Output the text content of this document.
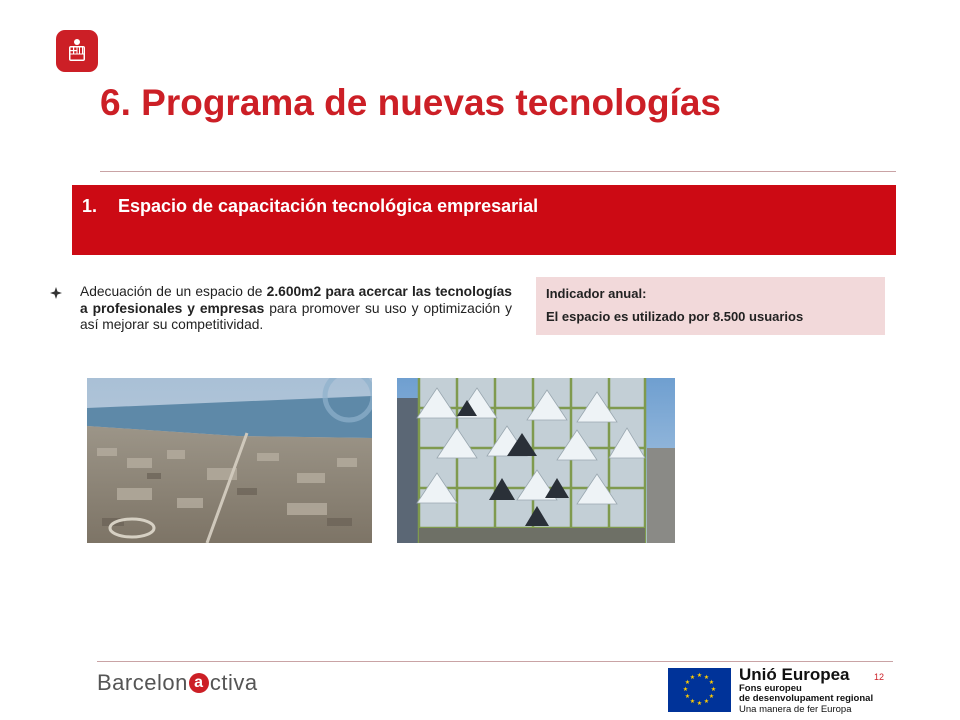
6. Programa de nuevas tecnologías
1. Espacio de capacitación tecnológica empresarial

Adecuación de un espacio de 2.600m2 para acercar las tecnologías a profesionales y empresas para promover su uso y optimización y así mejorar su competitividad.

Indicador anual:
El espacio es utilizado por 8.500 usuarios
Barcelon a ctiva	12
★ ★
★
★
★
★
★
★
★
★
★
★	Unió Europea
Fons europeu
de desenvolupament regional
Una manera de fer Europa
